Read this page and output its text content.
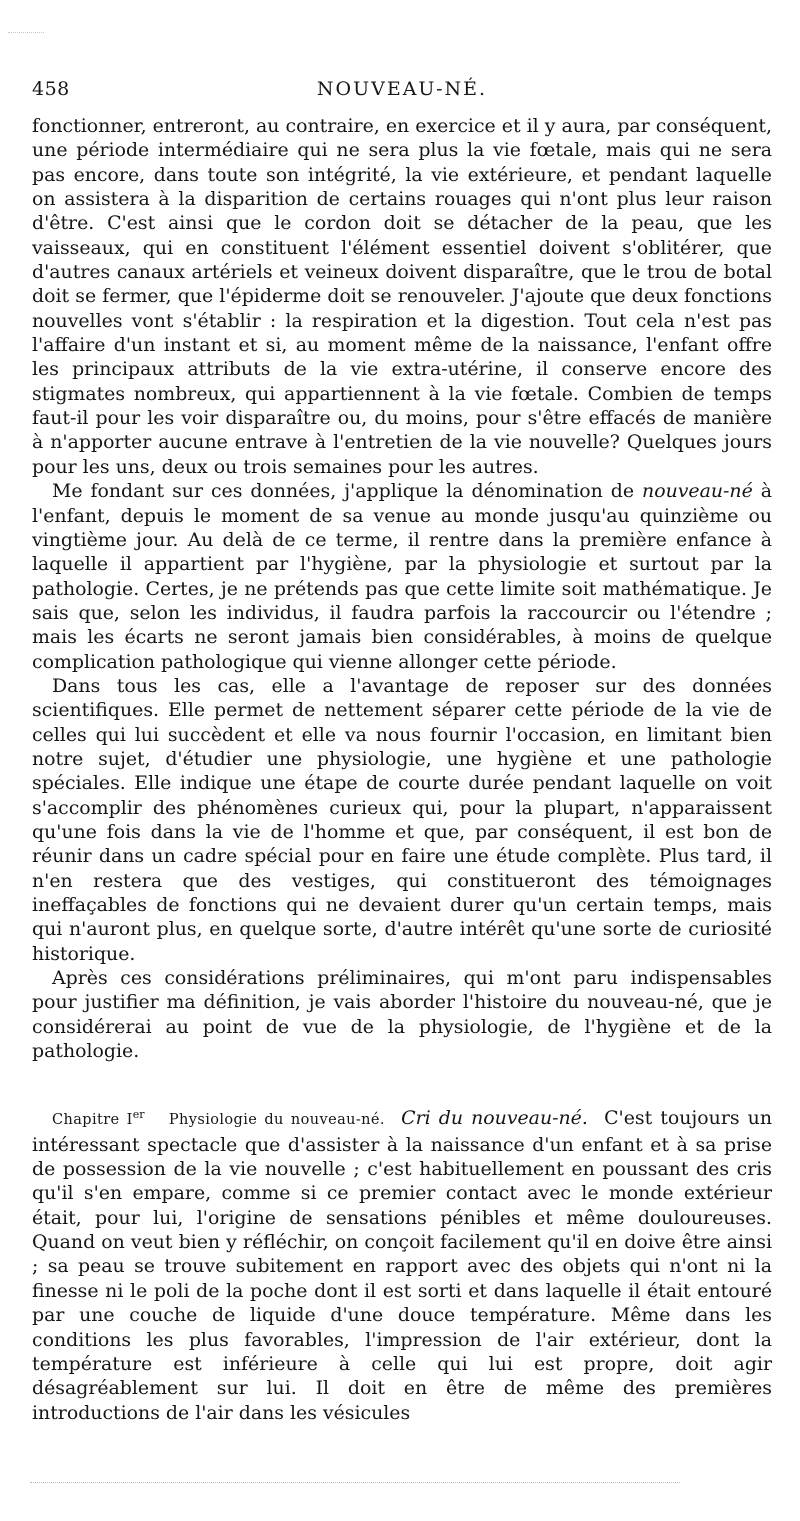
458	NOUVEAU-NÉ.

fonctionner, entreront, au contraire, en exercice et il y aura, par conséquent, une période intermédiaire qui ne sera plus la vie fœtale, mais qui ne sera pas encore, dans toute son intégrité, la vie extérieure, et pendant laquelle on assistera à la disparition de certains rouages qui n'ont plus leur raison d'être. C'est ainsi que le cordon doit se détacher de la peau, que les vaisseaux, qui en constituent l'élément essentiel doivent s'oblitérer, que d'autres canaux artériels et veineux doivent disparaître, que le trou de botal doit se fermer, que l'épiderme doit se renouveler. J'ajoute que deux fonctions nouvelles vont s'établir : la respiration et la digestion. Tout cela n'est pas l'affaire d'un instant et si, au moment même de la naissance, l'enfant offre les principaux attributs de la vie extra-utérine, il conserve encore des stigmates nombreux, qui appartiennent à la vie fœtale. Combien de temps faut-il pour les voir disparaître ou, du moins, pour s'être effacés de manière à n'apporter aucune entrave à l'entretien de la vie nouvelle? Quelques jours pour les uns, deux ou trois semaines pour les autres.

Me fondant sur ces données, j'applique la dénomination de nouveau-né à l'enfant, depuis le moment de sa venue au monde jusqu'au quinzième ou vingtième jour. Au delà de ce terme, il rentre dans la première enfance à laquelle il appartient par l'hygiène, par la physiologie et surtout par la pathologie. Certes, je ne prétends pas que cette limite soit mathématique. Je sais que, selon les individus, il faudra parfois la raccourcir ou l'étendre ; mais les écarts ne seront jamais bien considérables, à moins de quelque complication pathologique qui vienne allonger cette période.

Dans tous les cas, elle a l'avantage de reposer sur des données scientifiques. Elle permet de nettement séparer cette période de la vie de celles qui lui succèdent et elle va nous fournir l'occasion, en limitant bien notre sujet, d'étudier une physiologie, une hygiène et une pathologie spéciales. Elle indique une étape de courte durée pendant laquelle on voit s'accomplir des phénomènes curieux qui, pour la plupart, n'apparaissent qu'une fois dans la vie de l'homme et que, par conséquent, il est bon de réunir dans un cadre spécial pour en faire une étude complète. Plus tard, il n'en restera que des vestiges, qui constitueront des témoignages ineffaçables de fonctions qui ne devaient durer qu'un certain temps, mais qui n'auront plus, en quelque sorte, d'autre intérêt qu'une sorte de curiosité historique.

Après ces considérations préliminaires, qui m'ont paru indispensables pour justifier ma définition, je vais aborder l'histoire du nouveau-né, que je considérerai au point de vue de la physiologie, de l'hygiène et de la pathologie.

Chapitre Ier Physiologie du nouveau-né. Cri du nouveau-né. C'est toujours un intéressant spectacle que d'assister à la naissance d'un enfant et à sa prise de possession de la vie nouvelle ; c'est habituellement en poussant des cris qu'il s'en empare, comme si ce premier contact avec le monde extérieur était, pour lui, l'origine de sensations pénibles et même douloureuses. Quand on veut bien y réfléchir, on conçoit facilement qu'il en doive être ainsi ; sa peau se trouve subitement en rapport avec des objets qui n'ont ni la finesse ni le poli de la poche dont il est sorti et dans laquelle il était entouré par une couche de liquide d'une douce température. Même dans les conditions les plus favorables, l'impression de l'air extérieur, dont la température est inférieure à celle qui lui est propre, doit agir désagréablement sur lui. Il doit en être de même des premières introductions de l'air dans les vésicules
